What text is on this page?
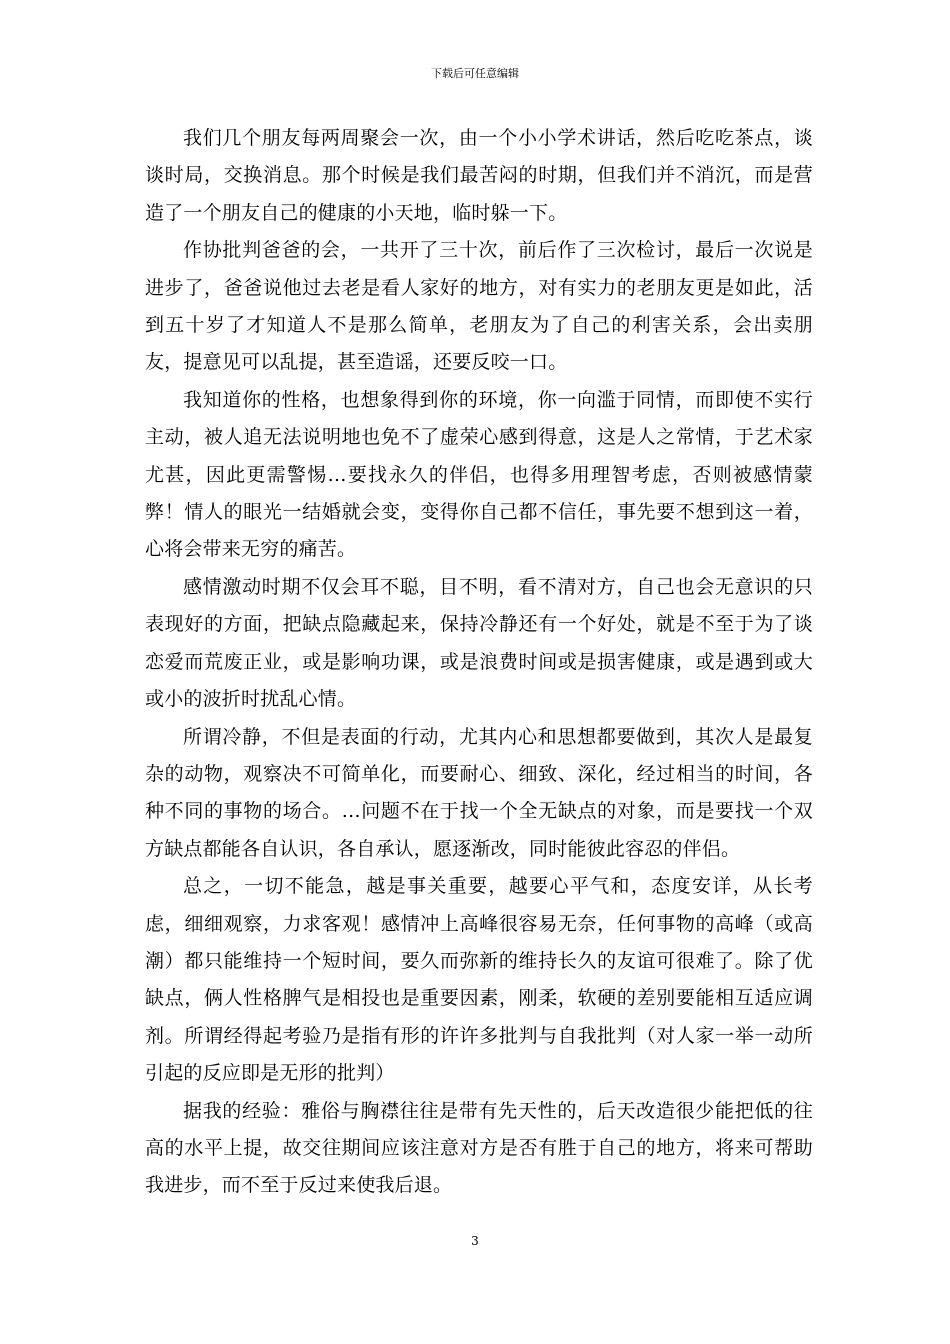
下载后可任意编辑

我们几个朋友每两周聚会一次，由一个小小学术讲话，然后吃吃茶点，谈谈时局，交换消息。那个时候是我们最苦闷的时期，但我们并不消沉，而是营造了一个朋友自己的健康的小天地，临时躲一下。

作协批判爸爸的会，一共开了三十次，前后作了三次检讨，最后一次说是进步了，爸爸说他过去老是看人家好的地方，对有实力的老朋友更是如此，活到五十岁了才知道人不是那么简单，老朋友为了自己的利害关系，会出卖朋友，提意见可以乱提，甚至造谣，还要反咬一口。

我知道你的性格，也想象得到你的环境，你一向滥于同情，而即使不实行主动，被人追无法说明地也免不了虚荣心感到得意，这是人之常情，于艺术家尤甚，因此更需警惕…要找永久的伴侣，也得多用理智考虑，否则被感情蒙弊！情人的眼光一结婚就会变，变得你自己都不信任，事先要不想到这一着，心将会带来无穷的痛苦。

感情激动时期不仅会耳不聪，目不明，看不清对方，自己也会无意识的只表现好的方面，把缺点隐藏起来，保持冷静还有一个好处，就是不至于为了谈恋爱而荒废正业，或是影响功课，或是浪费时间或是损害健康，或是遇到或大或小的波折时扰乱心情。

所谓冷静，不但是表面的行动，尤其内心和思想都要做到，其次人是最复杂的动物，观察决不可简单化，而要耐心、细致、深化，经过相当的时间，各种不同的事物的场合。…问题不在于找一个全无缺点的对象，而是要找一个双方缺点都能各自认识，各自承认，愿逐渐改，同时能彼此容忍的伴侣。

总之，一切不能急，越是事关重要，越要心平气和，态度安详，从长考虑，细细观察，力求客观！感情冲上高峰很容易无奈，任何事物的高峰（或高潮）都只能维持一个短时间，要久而弥新的维持长久的友谊可很难了。除了优缺点，俩人性格脾气是相投也是重要因素，刚柔，软硬的差别要能相互适应调剂。所谓经得起考验乃是指有形的许许多批判与自我批判（对人家一举一动所引起的反应即是无形的批判）

据我的经验：雅俗与胸襟往往是带有先天性的，后天改造很少能把低的往高的水平上提，故交往期间应该注意对方是否有胜于自己的地方，将来可帮助我进步，而不至于反过来使我后退。

3
